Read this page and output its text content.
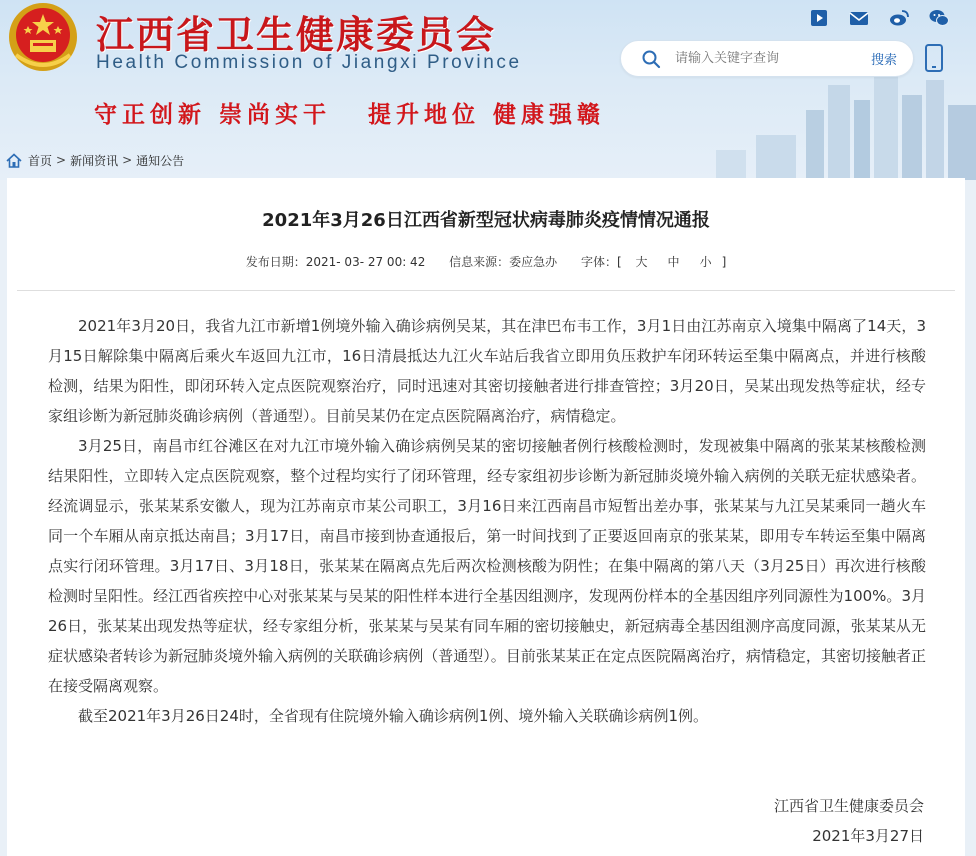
江西省卫生健康委员会
Health Commission of Jiangxi Province
守正创新 崇尚实干 提升地位 健康强赣
请输入关键字查询
搜索
首页 > 新闻资讯 > 通知公告
2021年3月26日江西省新型冠状病毒肺炎疫情情况通报
发布日期：2021- 03- 27 00: 42 信息来源：委应急办 字体：[ 大 中 小 ]

2021年3月20日，我省九江市新增1例境外输入确诊病例吴某，其在津巴布韦工作，3月1日由江苏南京入境集中隔离了14天，3月15日解除集中隔离后乘火车返回九江市，16日清晨抵达九江火车站后我省立即用负压救护车闭环转运至集中隔离点，并进行核酸检测，结果为阳性，即闭环转入定点医院观察治疗，同时迅速对其密切接触者进行排查管控；3月20日，吴某出现发热等症状，经专家组诊断为新冠肺炎确诊病例（普通型）。目前吴某仍在定点医院隔离治疗，病情稳定。

3月25日，南昌市红谷滩区在对九江市境外输入确诊病例吴某的密切接触者例行核酸检测时，发现被集中隔离的张某某核酸检测结果阳性，立即转入定点医院观察，整个过程均实行了闭环管理，经专家组初步诊断为新冠肺炎境外输入病例的关联无症状感染者。经流调显示，张某某系安徽人，现为江苏南京市某公司职工，3月16日来江西南昌市短暂出差办事，张某某与九江吴某乘同一趟火车同一个车厢从南京抵达南昌；3月17日，南昌市接到协查通报后，第一时间找到了正要返回南京的张某某，即用专车转运至集中隔离点实行闭环管理。3月17日、3月18日，张某某在隔离点先后两次检测核酸为阴性；在集中隔离的第八天（3月25日）再次进行核酸检测时呈阳性。经江西省疾控中心对张某某与吴某的阳性样本进行全基因组测序，发现两份样本的全基因组序列同源性为100%。3月26日，张某某出现发热等症状，经专家组分析，张某某与吴某有同车厢的密切接触史，新冠病毒全基因组测序高度同源，张某某从无症状感染者转诊为新冠肺炎境外输入病例的关联确诊病例（普通型）。目前张某某正在定点医院隔离治疗，病情稳定，其密切接触者正在接受隔离观察。

截至2021年3月26日24时，全省现有住院境外输入确诊病例1例、境外输入关联确诊病例1例。

江西省卫生健康委员会
2021年3月27日
